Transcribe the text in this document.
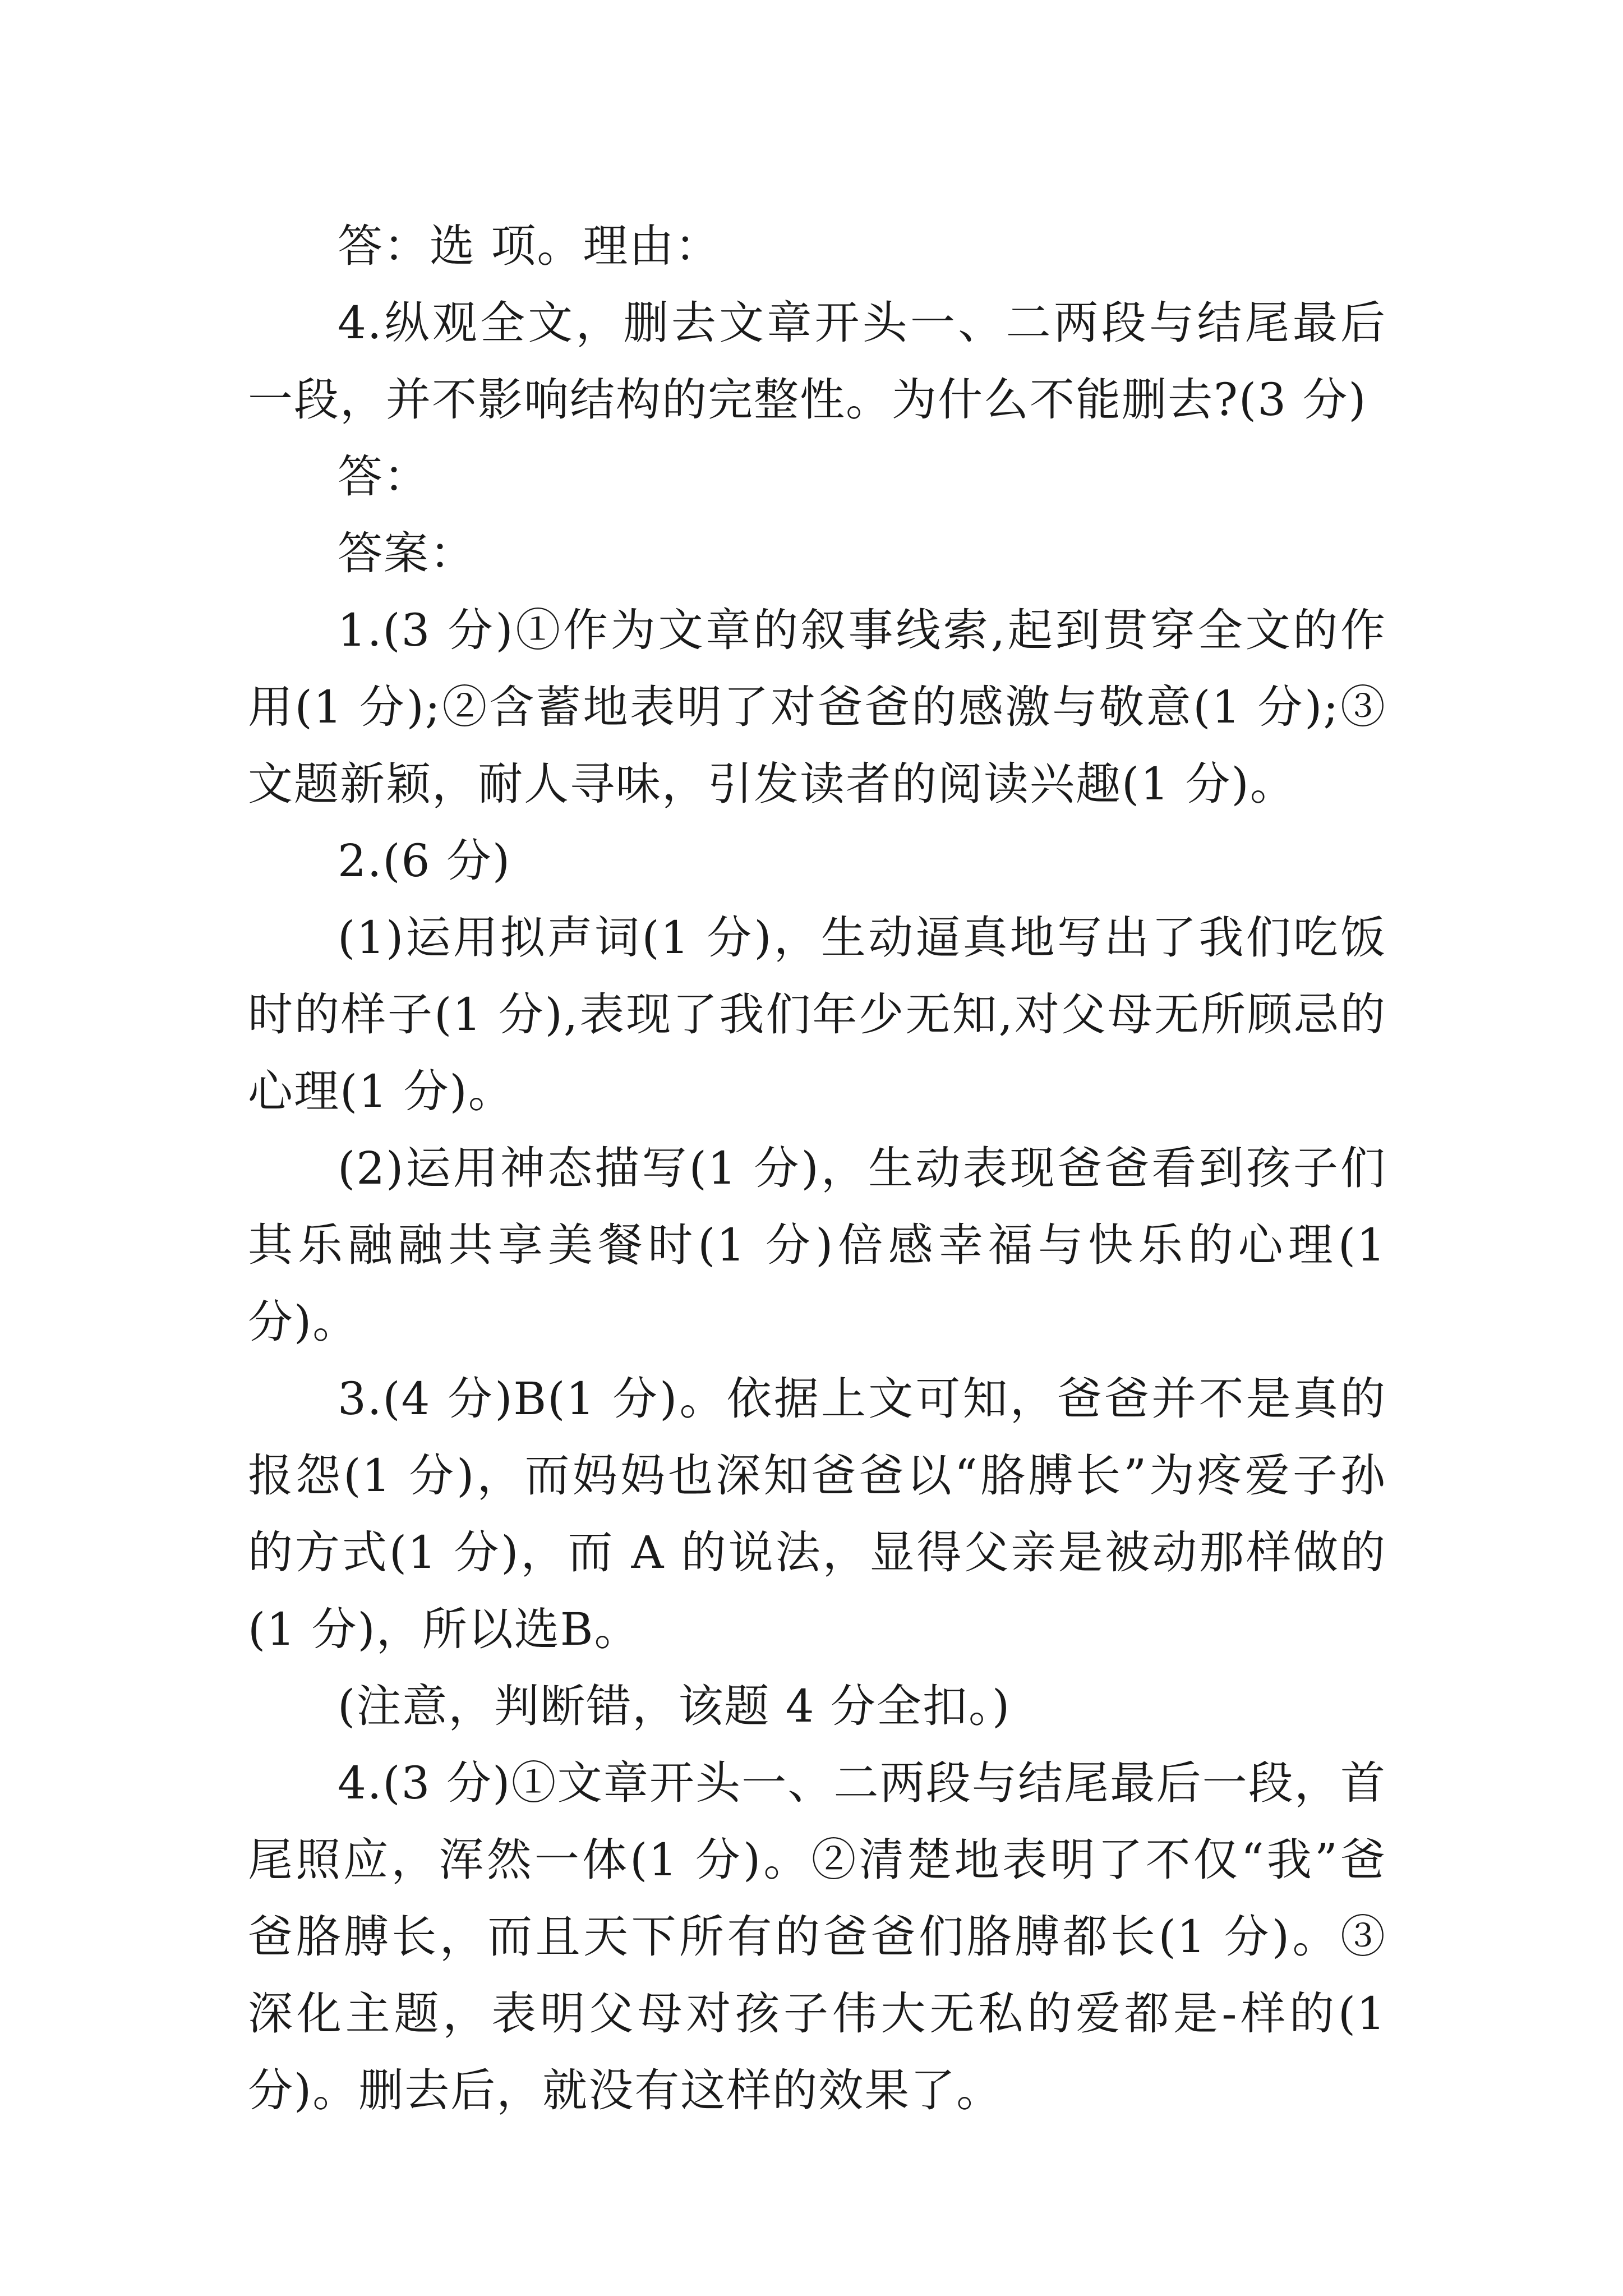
答：选 项。理由：

4.纵观全文，删去文章开头一、二两段与结尾最后一段，并不影响结构的完整性。为什么不能删去?(3 分)

答：

答案：

1.(3 分)①作为文章的叙事线索,起到贯穿全文的作用(1 分);②含蓄地表明了对爸爸的感激与敬意(1 分);③文题新颖，耐人寻味，引发读者的阅读兴趣(1 分)。

2.(6 分)

(1)运用拟声词(1 分)，生动逼真地写出了我们吃饭时的样子(1 分),表现了我们年少无知,对父母无所顾忌的心理(1 分)。

(2)运用神态描写(1 分)，生动表现爸爸看到孩子们其乐融融共享美餐时(1 分)倍感幸福与快乐的心理(1 分)。

3.(4 分)B(1 分)。依据上文可知，爸爸并不是真的报怨(1 分)，而妈妈也深知爸爸以“胳膊长”为疼爱子孙的方式(1 分)，而 A 的说法，显得父亲是被动那样做的(1 分)，所以选B。

(注意，判断错，该题 4 分全扣。)

4.(3 分)①文章开头一、二两段与结尾最后一段，首尾照应，浑然一体(1 分)。②清楚地表明了不仅“我”爸爸胳膊长，而且天下所有的爸爸们胳膊都长(1 分)。③深化主题，表明父母对孩子伟大无私的爱都是-样的(1 分)。删去后，就没有这样的效果了。
